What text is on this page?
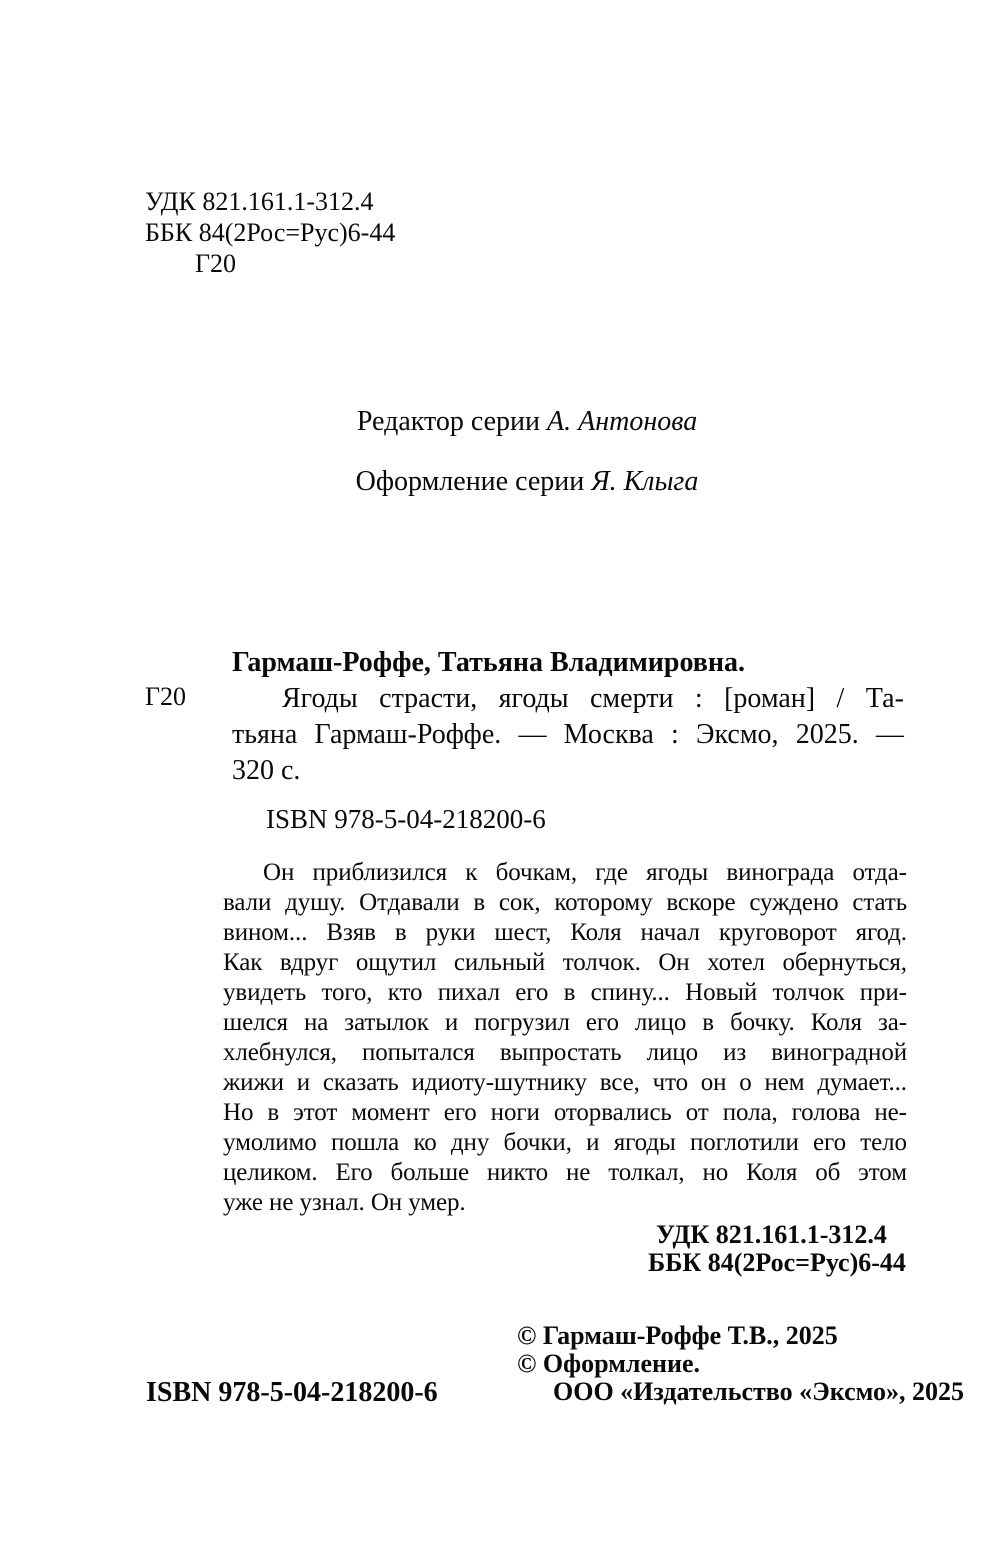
УДК 821.161.1-312.4
ББК 84(2Рос=Рус)6-44
Г20
Редактор серии А. Антонова
Оформление серии Я. Клыга
Г20
Гармаш-Роффе, Татьяна Владимировна.
Ягоды страсти, ягоды смерти : [роман] / Та-
тьяна Гармаш-Роффе. — Москва : Эксмо, 2025. —
320 с.
ISBN 978-5-04-218200-6
Он приблизился к бочкам, где ягоды винограда отда-
вали душу. Отдавали в сок, которому вскоре суждено стать
вином... Взяв в руки шест, Коля начал круговорот ягод.
Как вдруг ощутил сильный толчок. Он хотел обернуться,
увидеть того, кто пихал его в спину... Новый толчок при-
шелся на затылок и погрузил его лицо в бочку. Коля за-
хлебнулся, попытался выпростать лицо из виноградной
жижи и сказать идиоту-шутнику все, что он о нем думает...
Но в этот момент его ноги оторвались от пола, голова не-
умолимо пошла ко дну бочки, и ягоды поглотили его тело
целиком. Его больше никто не толкал, но Коля об этом
уже не узнал. Он умер.
УДК 821.161.1-312.4
ББК 84(2Рос=Рус)6-44
© Гармаш-Роффе Т.В., 2025
© Оформление.
ООО «Издательство «Эксмо», 2025
ISBN 978-5-04-218200-6
